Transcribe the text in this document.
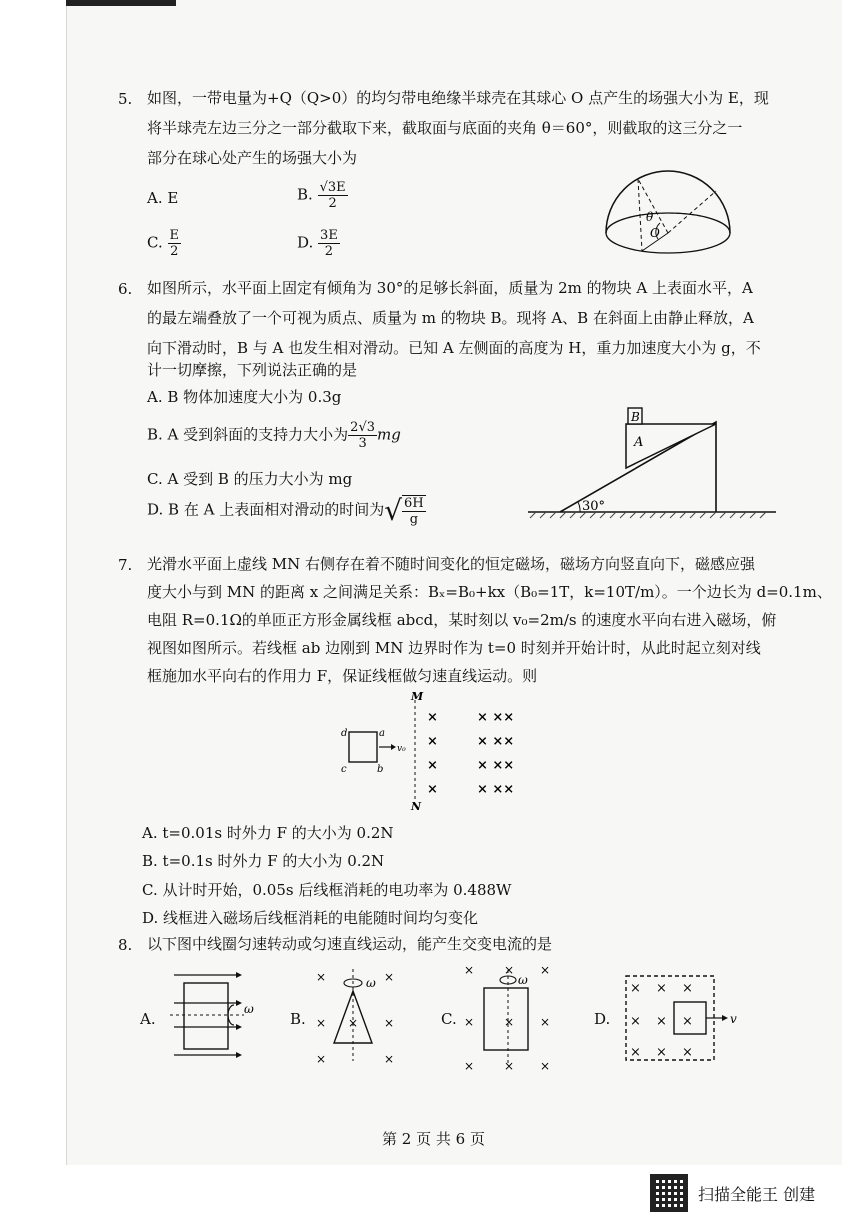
5. 如图，一带电量为+Q（Q>0）的均匀带电绝缘半球壳在其球心 O 点产生的场强大小为 E，现
将半球壳左边三分之一部分截取下来，截取面与底面的夹角 θ＝60°，则截取的这三分之一
部分在球心处产生的场强大小为
A. E	B. $\frac{√3E}{2}$
C. $\frac{E}{2}$	D. $\frac{3E}{2}$
θ
O
6. 如图所示，水平面上固定有倾角为 30°的足够长斜面，质量为 2m 的物块 A 上表面水平，A
的最左端叠放了一个可视为质点、质量为 m 的物块 B。现将 A、B 在斜面上由静止释放，A
向下滑动时，B 与 A 也发生相对滑动。已知 A 左侧面的高度为 H，重力加速度大小为 g，不
计一切摩擦，下列说法正确的是
A. B 物体加速度大小为 0.3g
B. A 受到斜面的支持力大小为 $\frac{2√3}{3}$ mg
C. A 受到 B 的压力大小为 mg
D. B 在 A 上表面相对滑动的时间为√ $\frac{6H}{g}$
B
A
30°
7. 光滑水平面上虚线 MN 右侧存在着不随时间变化的恒定磁场，磁场方向竖直向下，磁感应强
度大小与到 MN 的距离 x 之间满足关系：Bₓ=B₀+kx（B₀=1T，k=10T/m）。一个边长为 d=0.1m、
电阻 R=0.1Ω的单匝正方形金属线框 abcd，某时刻以 v₀=2m/s 的速度水平向右进入磁场，俯
视图如图所示。若线框 ab 边刚到 MN 边界时作为 t=0 时刻并开始计时，从此时起立刻对线
框施加水平向右的作用力 F，保证线框做匀速直线运动。则
M
N
d	a
c	b
v₀
×	× ××
×	× ××
×	× ××
×	× ××
A. t=0.01s 时外力 F 的大小为 0.2N
B. t=0.1s 时外力 F 的大小为 0.2N
C. 从计时开始，0.05s 后线框消耗的电功率为 0.488W
D. 线框进入磁场后线框消耗的电能随时间均匀变化
8. 以下图中线圈匀速转动或匀速直线运动，能产生交变电流的是
A.
ω
B.
×	×
×	×
×	×
×
ω
C.
× × ×
× × ×
× × ×
ω
D.
× × ×
× × ×
× × ×
v
第 2 页 共 6 页
扫描全能王 创建
